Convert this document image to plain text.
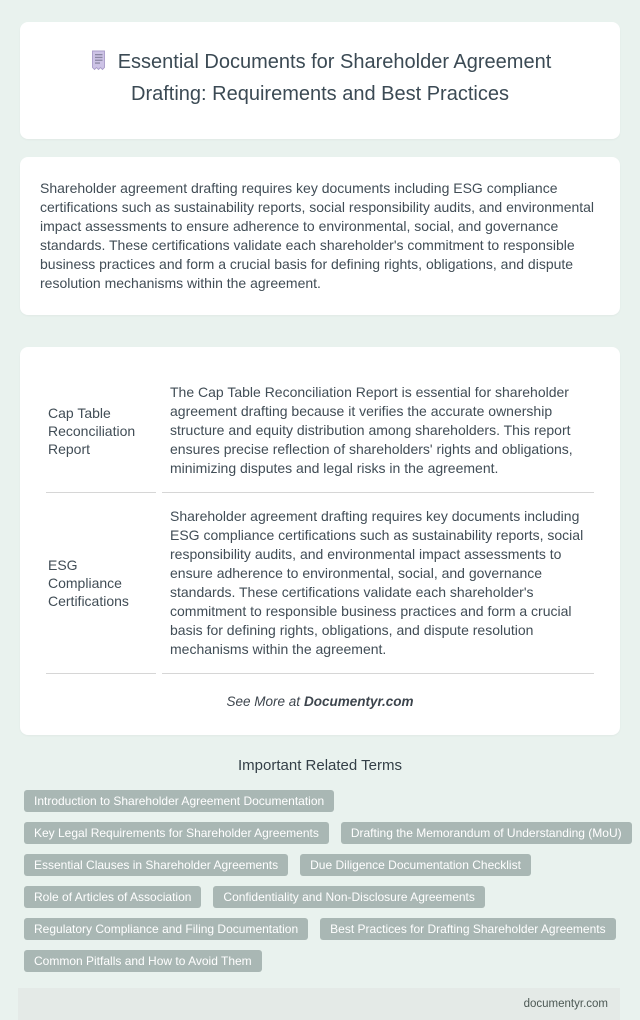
Essential Documents for Shareholder Agreement Drafting: Requirements and Best Practices

Shareholder agreement drafting requires key documents including ESG compliance certifications such as sustainability reports, social responsibility audits, and environmental impact assessments to ensure adherence to environmental, social, and governance standards. These certifications validate each shareholder's commitment to responsible business practices and form a crucial basis for defining rights, obligations, and dispute resolution mechanisms within the agreement.

Cap Table Reconciliation Report	The Cap Table Reconciliation Report is essential for shareholder agreement drafting because it verifies the accurate ownership structure and equity distribution among shareholders. This report ensures precise reflection of shareholders' rights and obligations, minimizing disputes and legal risks in the agreement.
ESG Compliance Certifications	Shareholder agreement drafting requires key documents including ESG compliance certifications such as sustainability reports, social responsibility audits, and environmental impact assessments to ensure adherence to environmental, social, and governance standards. These certifications validate each shareholder's commitment to responsible business practices and form a crucial basis for defining rights, obligations, and dispute resolution mechanisms within the agreement.
See More at Documentyr.com
Important Related Terms
Introduction to Shareholder Agreement Documentation
Key Legal Requirements for Shareholder Agreements	Drafting the Memorandum of Understanding (MoU)
Essential Clauses in Shareholder Agreements	Due Diligence Documentation Checklist
Role of Articles of Association	Confidentiality and Non-Disclosure Agreements
Regulatory Compliance and Filing Documentation	Best Practices for Drafting Shareholder Agreements
Common Pitfalls and How to Avoid Them
documentyr.com
